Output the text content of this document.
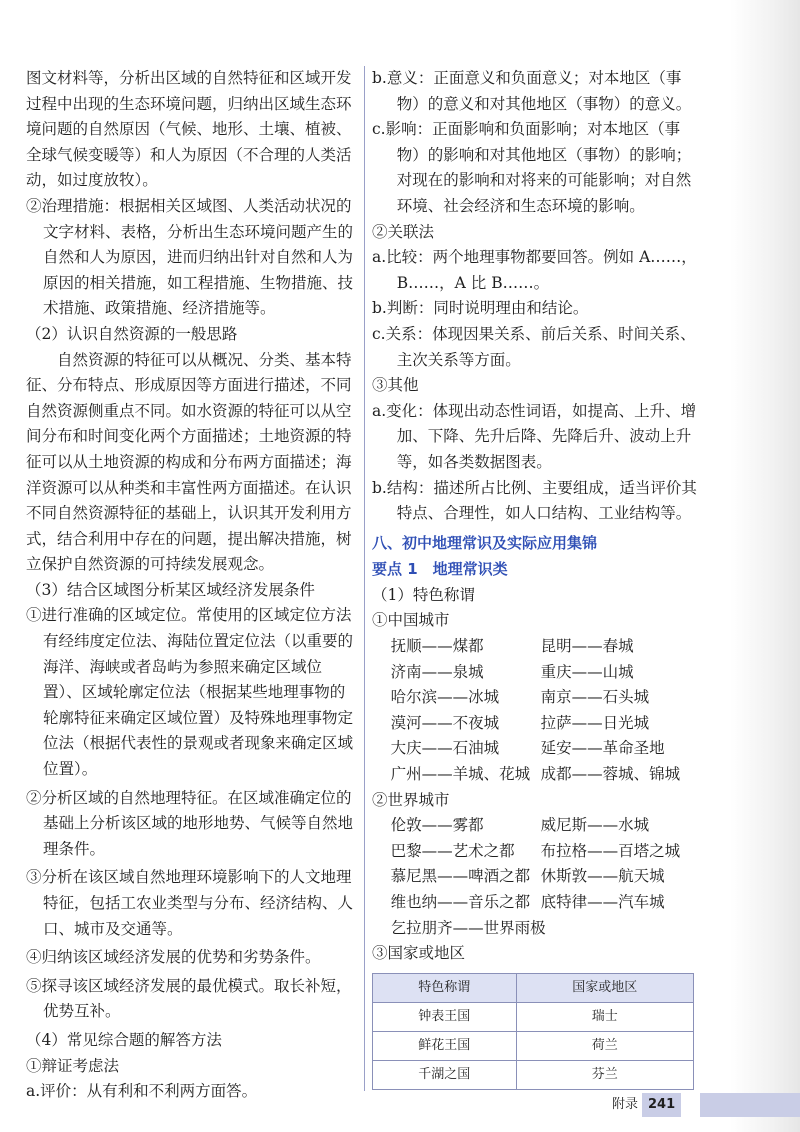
图文材料等，分析出区域的自然特征和区域开发过程中出现的生态环境问题，归纳出区域生态环境问题的自然原因（气候、地形、土壤、植被、全球气候变暖等）和人为原因（不合理的人类活动，如过度放牧）。
②治理措施：根据相关区域图、人类活动状况的文字材料、表格，分析出生态环境问题产生的自然和人为原因，进而归纳出针对自然和人为原因的相关措施，如工程措施、生物措施、技术措施、政策措施、经济措施等。
（2）认识自然资源的一般思路
自然资源的特征可以从概况、分类、基本特征、分布特点、形成原因等方面进行描述，不同自然资源侧重点不同。如水资源的特征可以从空间分布和时间变化两个方面描述；土地资源的特征可以从土地资源的构成和分布两方面描述；海洋资源可以从种类和丰富性两方面描述。在认识不同自然资源特征的基础上，认识其开发利用方式，结合利用中存在的问题，提出解决措施，树立保护自然资源的可持续发展观念。
（3）结合区域图分析某区域经济发展条件
①进行准确的区域定位。常使用的区域定位方法有经纬度定位法、海陆位置定位法（以重要的海洋、海峡或者岛屿为参照来确定区域位置）、区域轮廓定位法（根据某些地理事物的轮廓特征来确定区域位置）及特殊地理事物定位法（根据代表性的景观或者现象来确定区域位置）。
②分析区域的自然地理特征。在区域准确定位的基础上分析该区域的地形地势、气候等自然地理条件。
③分析在该区域自然地理环境影响下的人文地理特征，包括工农业类型与分布、经济结构、人口、城市及交通等。
④归纳该区域经济发展的优势和劣势条件。
⑤探寻该区域经济发展的最优模式。取长补短，优势互补。
（4）常见综合题的解答方法
①辩证考虑法
a.评价：从有利和不利两方面答。
b.意义：正面意义和负面意义；对本地区（事物）的意义和对其他地区（事物）的意义。
c.影响：正面影响和负面影响；对本地区（事物）的影响和对其他地区（事物）的影响；对现在的影响和对将来的可能影响；对自然环境、社会经济和生态环境的影响。
②关联法
a.比较：两个地理事物都要回答。例如 A……，B……，A 比 B……。
b.判断：同时说明理由和结论。
c.关系：体现因果关系、前后关系、时间关系、主次关系等方面。
③其他
a.变化：体现出动态性词语，如提高、上升、增加、下降、先升后降、先降后升、波动上升等，如各类数据图表。
b.结构：描述所占比例、主要组成，适当评价其特点、合理性，如人口结构、工业结构等。
八、初中地理常识及实际应用集锦
要点 1　地理常识类
（1）特色称谓
①中国城市
抚顺——煤都	昆明——春城
济南——泉城	重庆——山城
哈尔滨——冰城	南京——石头城
漠河——不夜城	拉萨——日光城
大庆——石油城	延安——革命圣地
广州——羊城、花城 成都——蓉城、锦城
②世界城市
伦敦——雾都	威尼斯——水城
巴黎——艺术之都 布拉格——百塔之城
慕尼黑——啤酒之都 休斯敦——航天城
维也纳——音乐之都 底特律——汽车城
乞拉朋齐——世界雨极
③国家或地区
特色称谓	国家或地区
钟表王国	瑞士
鲜花王国	荷兰
千湖之国	芬兰
附录 241
